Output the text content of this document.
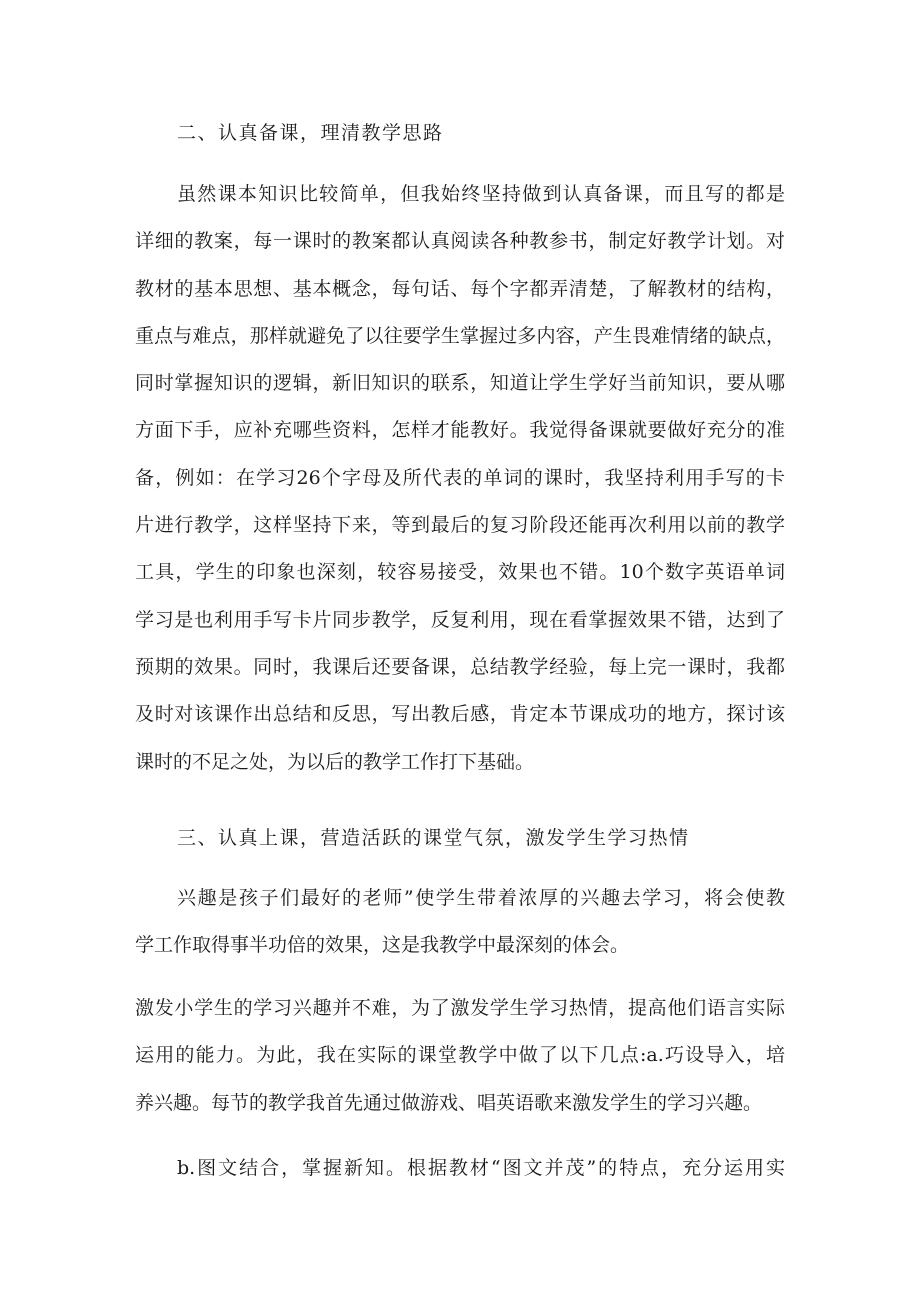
二、认真备课，理清教学思路
虽然课本知识比较简单，但我始终坚持做到认真备课，而且写的都是
详细的教案，每一课时的教案都认真阅读各种教参书，制定好教学计划。对
教材的基本思想、基本概念，每句话、每个字都弄清楚，了解教材的结构，
重点与难点，那样就避免了以往要学生掌握过多内容，产生畏难情绪的缺点，
同时掌握知识的逻辑，新旧知识的联系，知道让学生学好当前知识，要从哪
方面下手，应补充哪些资料，怎样才能教好。我觉得备课就要做好充分的准
备，例如：在学习26个字母及所代表的单词的课时，我坚持利用手写的卡
片进行教学，这样坚持下来，等到最后的复习阶段还能再次利用以前的教学
工具，学生的印象也深刻，较容易接受，效果也不错。10个数字英语单词
学习是也利用手写卡片同步教学，反复利用，现在看掌握效果不错，达到了
预期的效果。同时，我课后还要备课，总结教学经验，每上完一课时，我都
及时对该课作出总结和反思，写出教后感，肯定本节课成功的地方，探讨该
课时的不足之处，为以后的教学工作打下基础。
三、认真上课，营造活跃的课堂气氛，激发学生学习热情
兴趣是孩子们最好的老师”使学生带着浓厚的兴趣去学习，将会使教
学工作取得事半功倍的效果，这是我教学中最深刻的体会。
激发小学生的学习兴趣并不难，为了激发学生学习热情，提高他们语言实际
运用的能力。为此，我在实际的课堂教学中做了以下几点:a.巧设导入，培
养兴趣。每节的教学我首先通过做游戏、唱英语歌来激发学生的学习兴趣。
b.图文结合，掌握新知。根据教材“图文并茂”的特点，充分运用实
